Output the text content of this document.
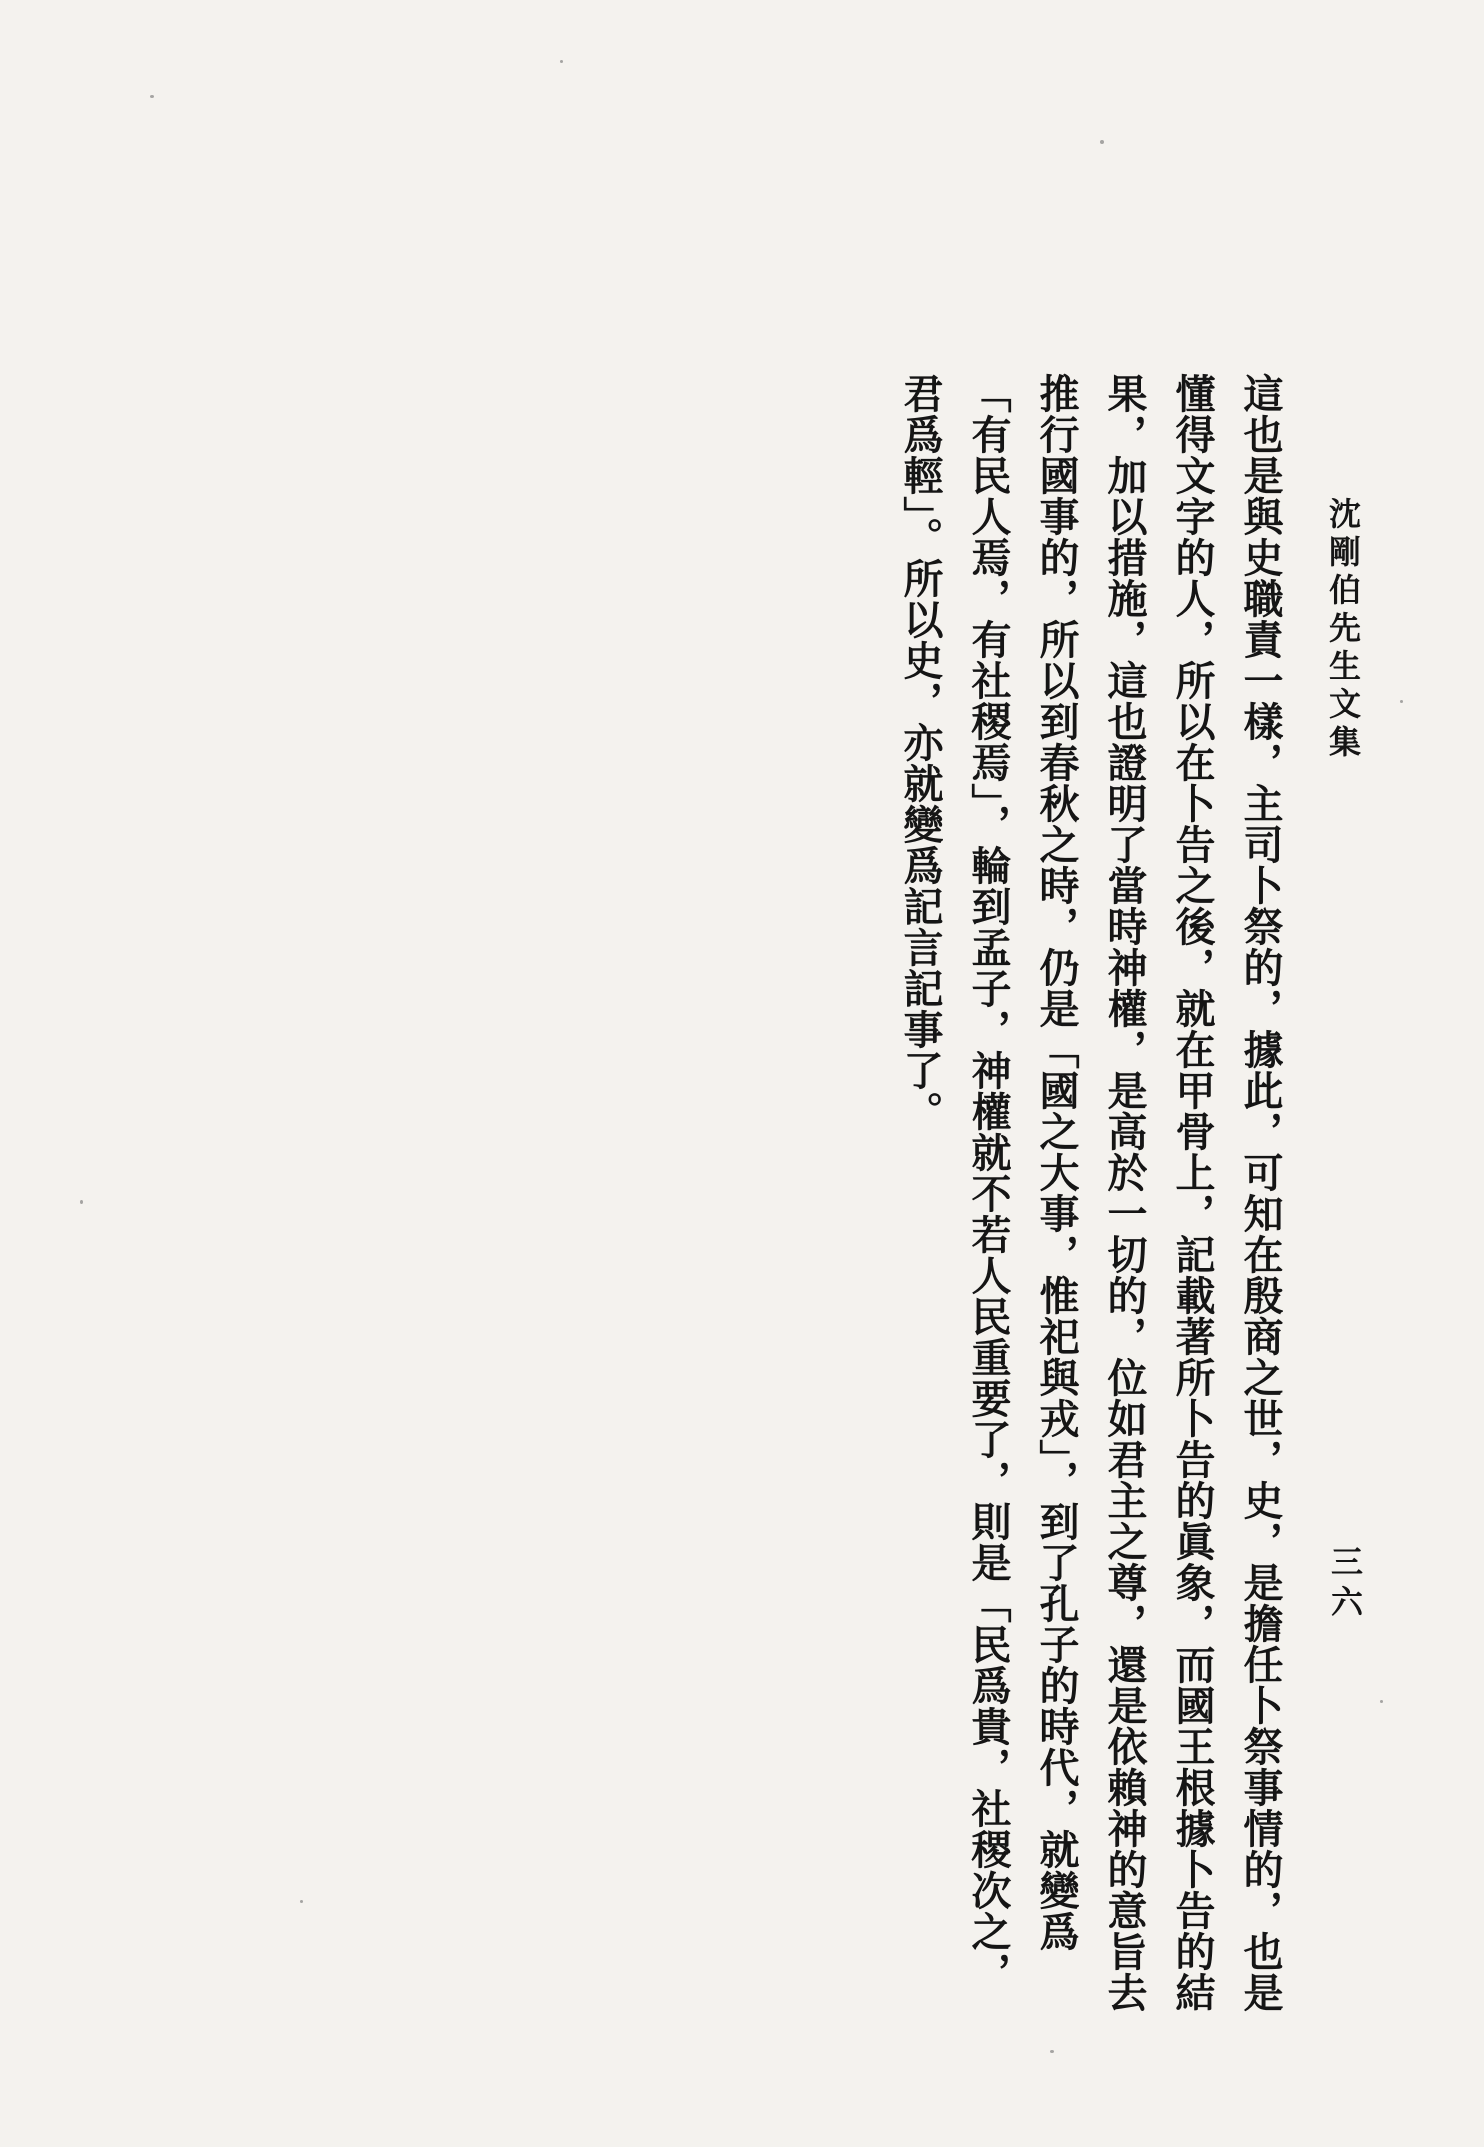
沈剛伯先生文集
三六

這也是與史職責一樣，主司卜祭的，據此，可知在殷商之世，史，是擔任卜祭事情的，也是懂得文字的人，所以在卜告之後，就在甲骨上，記載著所卜告的眞象，而國王根據卜告的結果，加以措施，這也證明了當時神權，是高於一切的，位如君主之尊，還是依賴神的意旨去推行國事的，所以到春秋之時，仍是「國之大事，惟祀與戎」，到了孔子的時代，就變爲「有民人焉，有社稷焉」，輪到孟子，神權就不若人民重要了，則是「民爲貴，社稷次之，君爲輕」。所以史，亦就變爲記言記事了。
